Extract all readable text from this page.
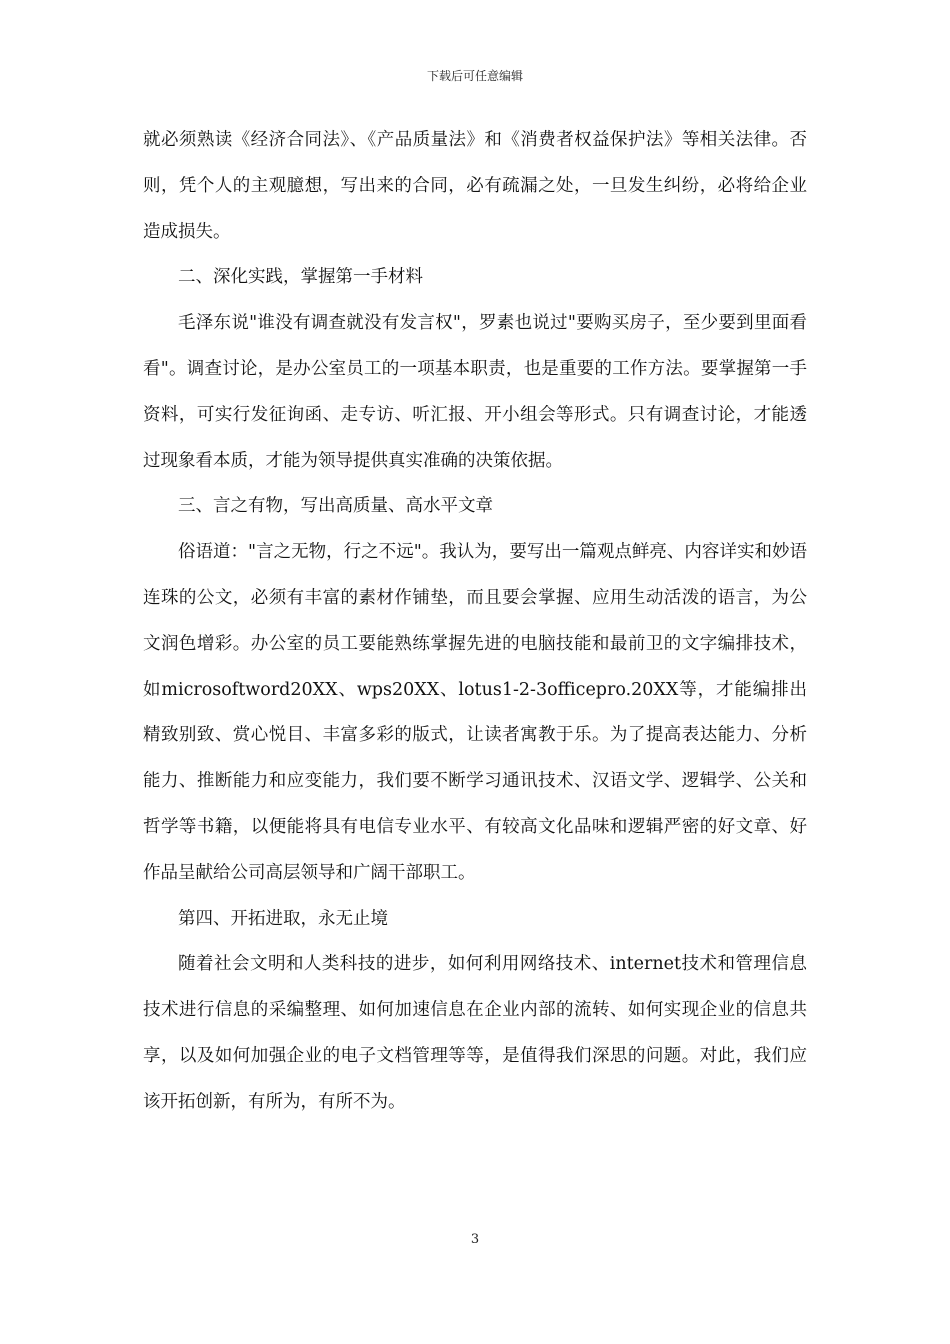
下载后可任意编辑

就必须熟读《经济合同法》、《产品质量法》和《消费者权益保护法》等相关法律。否则，凭个人的主观臆想，写出来的合同，必有疏漏之处，一旦发生纠纷，必将给企业造成损失。

二、深化实践，掌握第一手材料

毛泽东说"谁没有调查就没有发言权"，罗素也说过"要购买房子，至少要到里面看看"。调查讨论，是办公室员工的一项基本职责，也是重要的工作方法。要掌握第一手资料，可实行发征询函、走专访、听汇报、开小组会等形式。只有调查讨论，才能透过现象看本质，才能为领导提供真实准确的决策依据。

三、言之有物，写出高质量、高水平文章

俗语道："言之无物，行之不远"。我认为，要写出一篇观点鲜亮、内容详实和妙语连珠的公文，必须有丰富的素材作铺垫，而且要会掌握、应用生动活泼的语言，为公文润色增彩。办公室的员工要能熟练掌握先进的电脑技能和最前卫的文字编排技术，如microsoftword20XX、wps20XX、lotus1-2-3officepro.20XX等，才能编排出精致别致、赏心悦目、丰富多彩的版式，让读者寓教于乐。为了提高表达能力、分析能力、推断能力和应变能力，我们要不断学习通讯技术、汉语文学、逻辑学、公关和哲学等书籍，以便能将具有电信专业水平、有较高文化品味和逻辑严密的好文章、好作品呈献给公司高层领导和广阔干部职工。

第四、开拓进取，永无止境

随着社会文明和人类科技的进步，如何利用网络技术、internet技术和管理信息技术进行信息的采编整理、如何加速信息在企业内部的流转、如何实现企业的信息共享，以及如何加强企业的电子文档管理等等，是值得我们深思的问题。对此，我们应该开拓创新，有所为，有所不为。

3
